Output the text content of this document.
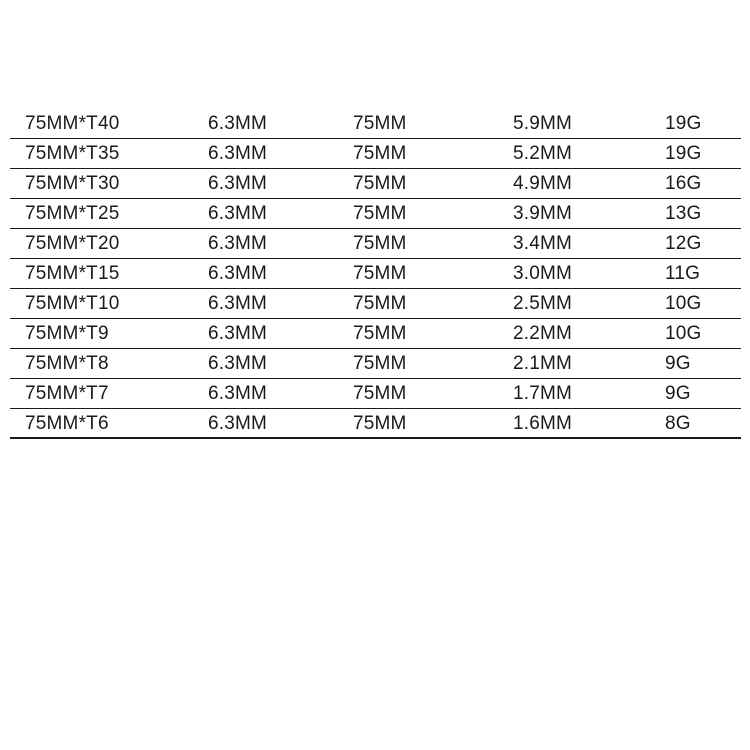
75MM*T40	6.3MM	75MM	5.9MM	19G
75MM*T35	6.3MM	75MM	5.2MM	19G
75MM*T30	6.3MM	75MM	4.9MM	16G
75MM*T25	6.3MM	75MM	3.9MM	13G
75MM*T20	6.3MM	75MM	3.4MM	12G
75MM*T15	6.3MM	75MM	3.0MM	11G
75MM*T10	6.3MM	75MM	2.5MM	10G
75MM*T9	6.3MM	75MM	2.2MM	10G
75MM*T8	6.3MM	75MM	2.1MM	9G
75MM*T7	6.3MM	75MM	1.7MM	9G
75MM*T6	6.3MM	75MM	1.6MM	8G
